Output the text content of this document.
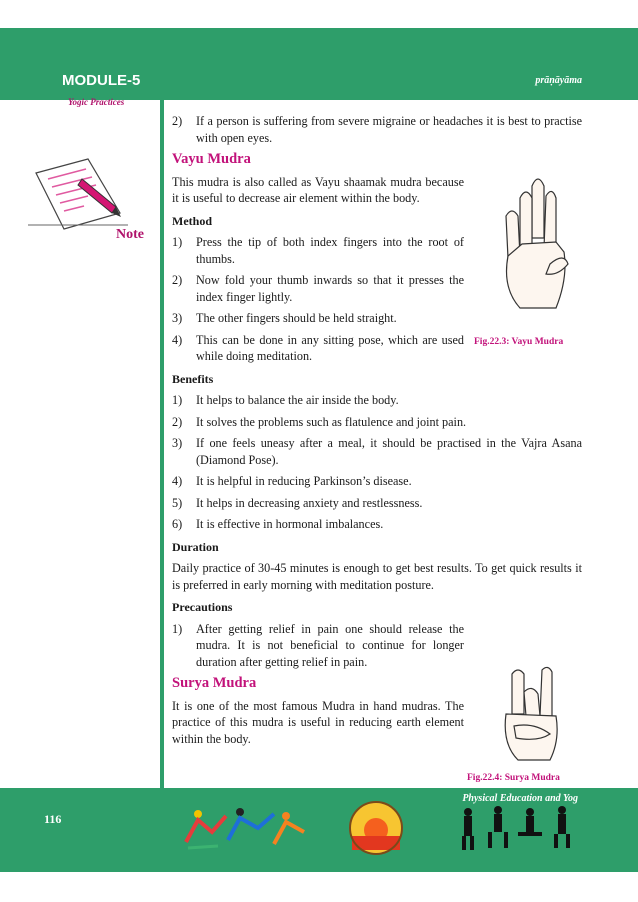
MODULE-5	prāṇāyāma
Yogic Practices
Note
2)	If a person is suffering from severe migraine or headaches it is best to practise with open eyes.
Vayu Mudra

This mudra is also called as Vayu shaamak mudra because it is useful to decrease air element within the body.

Method
1)	Press the tip of both index fingers into the root of thumbs.
2)	Now fold your thumb inwards so that it presses the index finger lightly.
3)	The other fingers should be held straight.
4)	This can be done in any sitting pose, which are used while doing meditation.
Benefits
1)	It helps to balance the air inside the body.
2)	It solves the problems such as flatulence and joint pain.
3)	If one feels uneasy after a meal, it should be practised in the Vajra Asana (Diamond Pose).
4)	It is helpful in reducing Parkinson’s disease.
5)	It helps in decreasing anxiety and restlessness.
6)	It is effective in hormonal imbalances.
Duration

Daily practice of 30-45 minutes is enough to get best results. To get quick results it is preferred in early morning with meditation posture.

Precautions
1)	After getting relief in pain one should release the mudra. It is not beneficial to continue for longer duration after getting relief in pain.
Surya Mudra

It is one of the most famous Mudra in hand mudras. The practice of this mudra is useful in reducing earth element within the body.

Fig.22.3: Vayu Mudra
Fig.22.4: Surya Mudra
Physical Education and Yog
116
